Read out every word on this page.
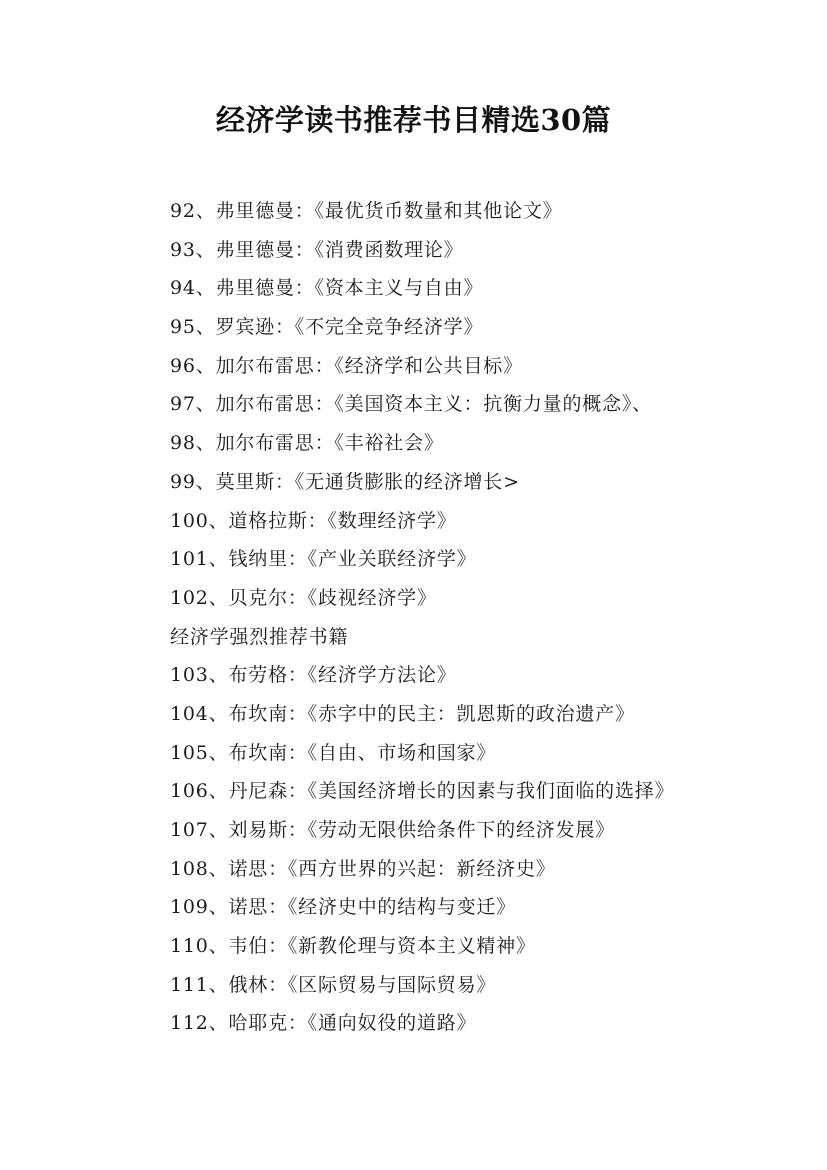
经济学读书推荐书目精选30篇
92、弗里德曼：《最优货币数量和其他论文》
93、弗里德曼：《消费函数理论》
94、弗里德曼：《资本主义与自由》
95、罗宾逊：《不完全竞争经济学》
96、加尔布雷思：《经济学和公共目标》
97、加尔布雷思：《美国资本主义：抗衡力量的概念》、
98、加尔布雷思：《丰裕社会》
99、莫里斯：《无通货膨胀的经济增长>
100、道格拉斯：《数理经济学》
101、钱纳里：《产业关联经济学》
102、贝克尔：《歧视经济学》
经济学强烈推荐书籍
103、布劳格：《经济学方法论》
104、布坎南：《赤字中的民主：凯恩斯的政治遗产》
105、布坎南：《自由、市场和国家》
106、丹尼森：《美国经济增长的因素与我们面临的选择》
107、刘易斯：《劳动无限供给条件下的经济发展》
108、诺思：《西方世界的兴起：新经济史》
109、诺思：《经济史中的结构与变迁》
110、韦伯：《新教伦理与资本主义精神》
111、俄林：《区际贸易与国际贸易》
112、哈耶克：《通向奴役的道路》
